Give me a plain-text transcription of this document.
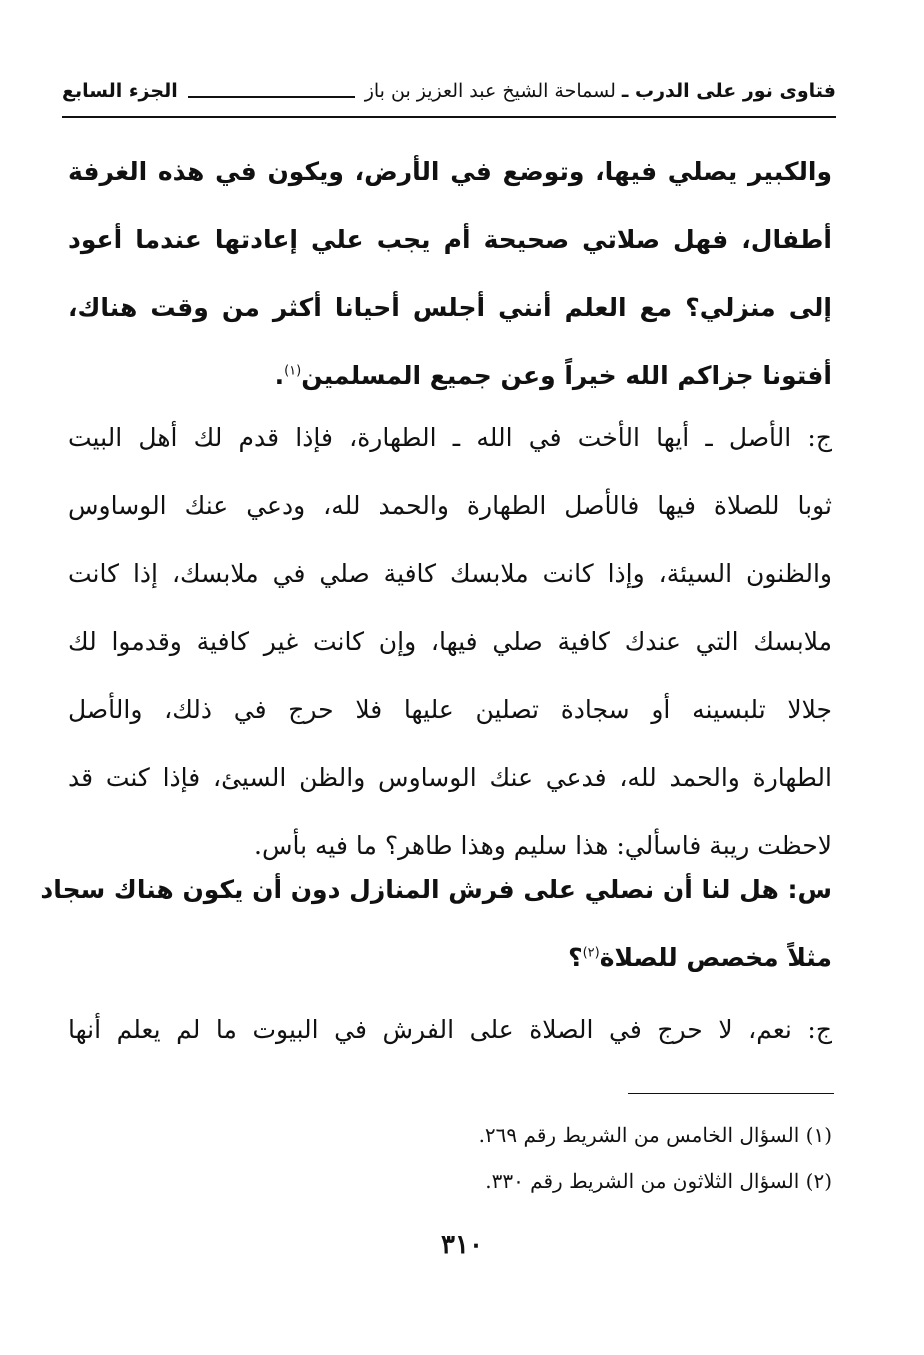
فتاوى نور على الدرب ـ
لسماحة الشيخ عبد العزيز بن باز
الجزء السابع
والكبير يصلي فيها، وتوضع في الأرض، ويكون في هذه الغرفة
أطفال، فهل صلاتي صحيحة أم يجب علي إعادتها عندما أعود
إلى منزلي؟ مع العلم أنني أجلس أحيانا أكثر من وقت هناك،
أفتونا جزاكم الله خيراً وعن جميع المسلمين$^{(١)}$.
ج: الأصل ـ أيها الأخت في الله ـ الطهارة، فإذا قدم لك أهل البيت
ثوبا للصلاة فيها فالأصل الطهارة والحمد لله، ودعي عنك الوساوس
والظنون السيئة، وإذا كانت ملابسك كافية صلي في ملابسك، إذا كانت
ملابسك التي عندك كافية صلي فيها، وإن كانت غير كافية وقدموا لك
جلالا تلبسينه أو سجادة تصلين عليها فلا حرج في ذلك، والأصل
الطهارة والحمد لله، فدعي عنك الوساوس والظن السيئ، فإذا كنت قد
لاحظت ريبة فاسألي: هذا سليم وهذا طاهر؟ ما فيه بأس.
س: هل لنا أن نصلي على فرش المنازل دون أن يكون هناك سجاد
مثلاً مخصص للصلاة$^{(٢)}$؟
ج: نعم، لا حرج في الصلاة على الفرش في البيوت ما لم يعلم أنها
(١) السؤال الخامس من الشريط رقم ٢٦٩.
(٢) السؤال الثلاثون من الشريط رقم ٣٣٠.
٣١٠
